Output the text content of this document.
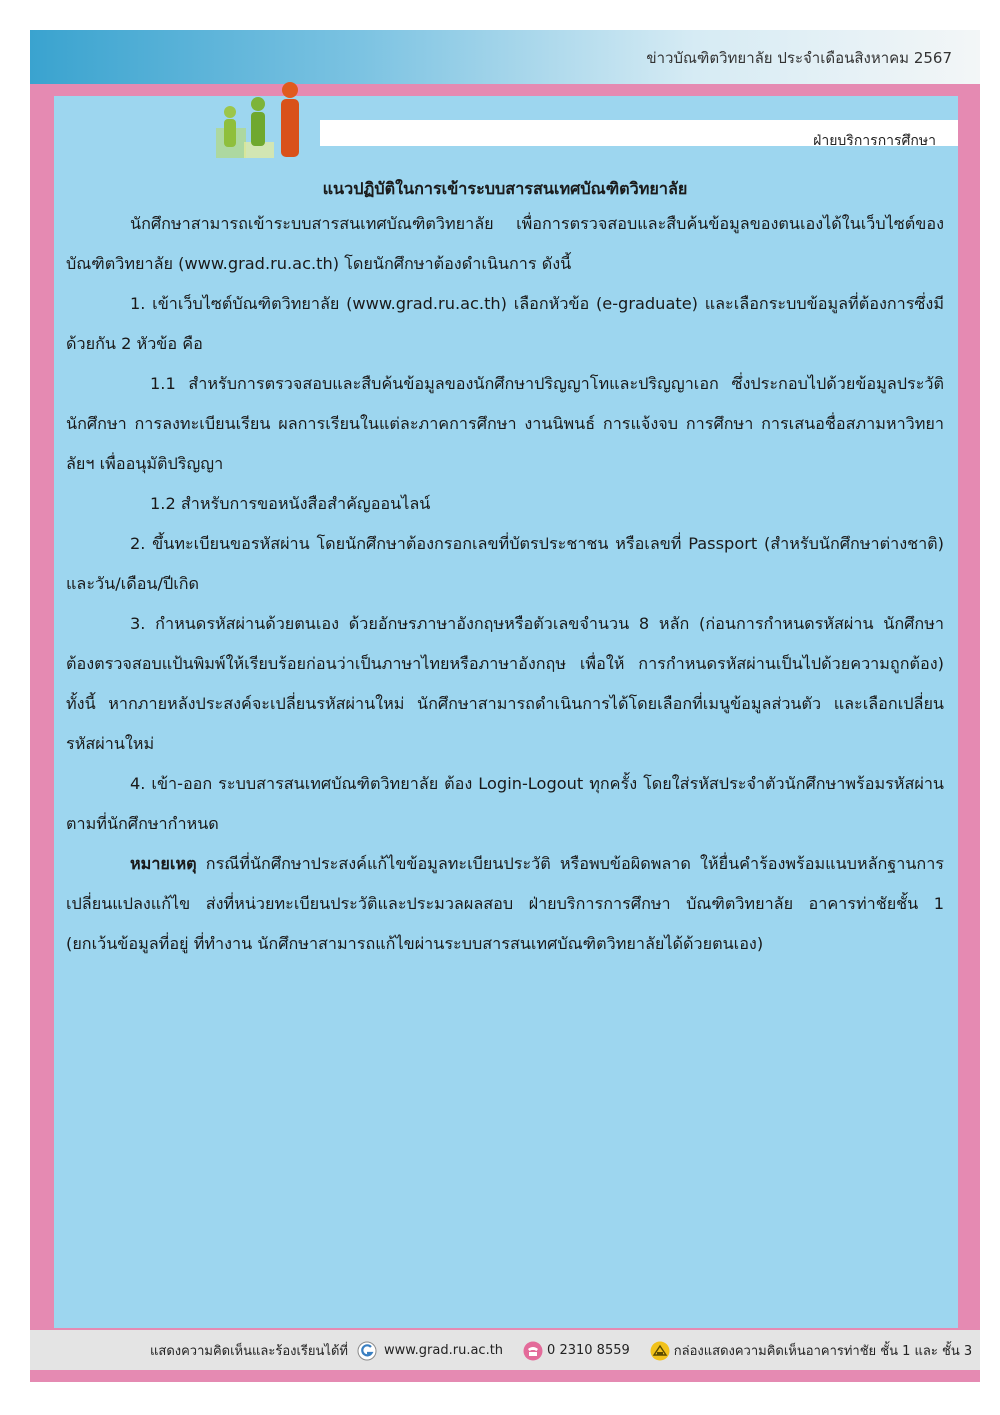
ข่าวบัณฑิตวิทยาลัย ประจำเดือนสิงหาคม 2567
ฝ่ายบริการการศึกษา

แนวปฏิบัติในการเข้าระบบสารสนเทศบัณฑิตวิทยาลัย

นักศึกษาสามารถเข้าระบบสารสนเทศบัณฑิตวิทยาลัย เพื่อการตรวจสอบและสืบค้นข้อมูลของตนเองได้ในเว็บไซต์ของบัณฑิตวิทยาลัย (www.grad.ru.ac.th) โดยนักศึกษาต้องดำเนินการ ดังนี้

1. เข้าเว็บไซต์บัณฑิตวิทยาลัย (www.grad.ru.ac.th) เลือกหัวข้อ (e-graduate) และเลือกระบบข้อมูลที่ต้องการซึ่งมีด้วยกัน 2 หัวข้อ คือ

1.1 สำหรับการตรวจสอบและสืบค้นข้อมูลของนักศึกษาปริญญาโทและปริญญาเอก ซึ่งประกอบไปด้วยข้อมูลประวัตินักศึกษา การลงทะเบียนเรียน ผลการเรียนในแต่ละภาคการศึกษา งานนิพนธ์ การแจ้งจบ การศึกษา การเสนอชื่อสภามหาวิทยาลัยฯ เพื่ออนุมัติปริญญา

1.2 สำหรับการขอหนังสือสำคัญออนไลน์

2. ขึ้นทะเบียนขอรหัสผ่าน โดยนักศึกษาต้องกรอกเลขที่บัตรประชาชน หรือเลขที่ Passport (สำหรับนักศึกษาต่างชาติ) และวัน/เดือน/ปีเกิด

3. กำหนดรหัสผ่านด้วยตนเอง ด้วยอักษรภาษาอังกฤษหรือตัวเลขจำนวน 8 หลัก (ก่อนการกำหนดรหัสผ่าน นักศึกษาต้องตรวจสอบแป้นพิมพ์ให้เรียบร้อยก่อนว่าเป็นภาษาไทยหรือภาษาอังกฤษ เพื่อให้ การกำหนดรหัสผ่านเป็นไปด้วยความถูกต้อง) ทั้งนี้ หากภายหลังประสงค์จะเปลี่ยนรหัสผ่านใหม่ นักศึกษาสามารถดำเนินการได้โดยเลือกที่เมนูข้อมูลส่วนตัว และเลือกเปลี่ยนรหัสผ่านใหม่

4. เข้า-ออก ระบบสารสนเทศบัณฑิตวิทยาลัย ต้อง Login-Logout ทุกครั้ง โดยใส่รหัสประจำตัวนักศึกษาพร้อมรหัสผ่านตามที่นักศึกษากำหนด

หมายเหตุ กรณีที่นักศึกษาประสงค์แก้ไขข้อมูลทะเบียนประวัติ หรือพบข้อผิดพลาด ให้ยื่นคำร้องพร้อมแนบหลักฐานการเปลี่ยนแปลงแก้ไข ส่งที่หน่วยทะเบียนประวัติและประมวลผลสอบ ฝ่ายบริการการศึกษา บัณฑิตวิทยาลัย อาคารท่าชัยชั้น 1 (ยกเว้นข้อมูลที่อยู่ ที่ทำงาน นักศึกษาสามารถแก้ไขผ่านระบบสารสนเทศบัณฑิตวิทยาลัยได้ด้วยตนเอง)

แสดงความคิดเห็นและร้องเรียนได้ที่	www.grad.ru.ac.th	0 2310 8559	กล่องแสดงความคิดเห็นอาคารท่าชัย ชั้น 1 และ ชั้น 3
